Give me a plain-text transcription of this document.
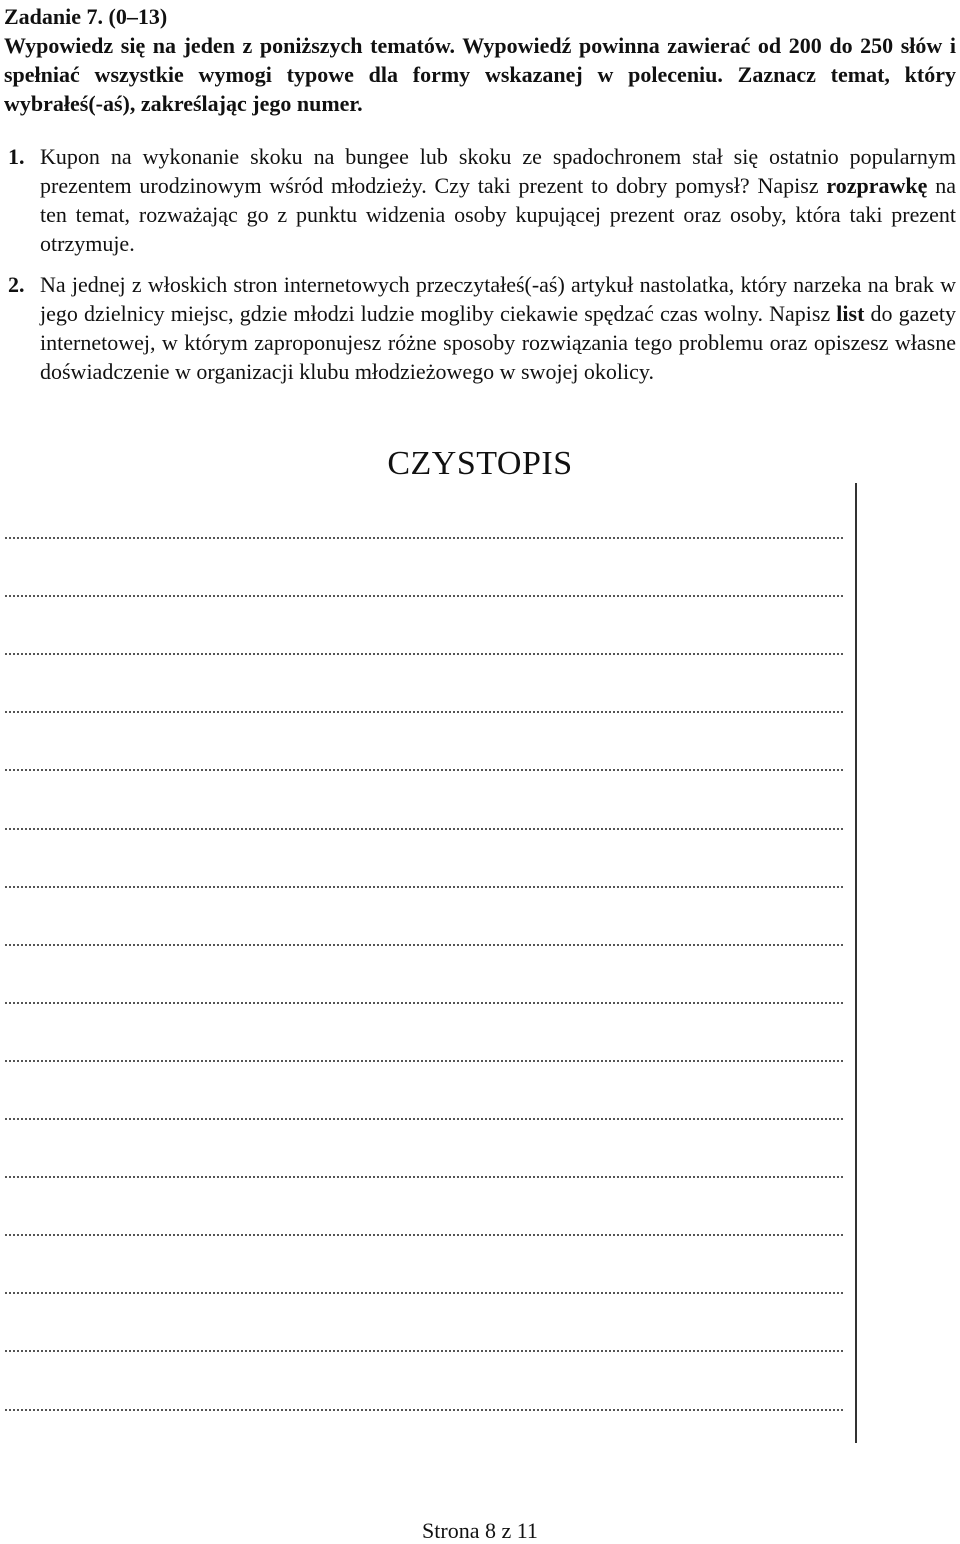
Zadanie 7. (0–13)
Wypowiedz się na jeden z poniższych tematów. Wypowiedź powinna zawierać od 200 do 250 słów i spełniać wszystkie wymogi typowe dla formy wskazanej w poleceniu. Zaznacz temat, który wybrałeś(-aś), zakreślając jego numer.
1. Kupon na wykonanie skoku na bungee lub skoku ze spadochronem stał się ostatnio popularnym prezentem urodzinowym wśród młodzieży. Czy taki prezent to dobry pomysł? Napisz rozprawkę na ten temat, rozważając go z punktu widzenia osoby kupującej prezent oraz osoby, która taki prezent otrzymuje.
2. Na jednej z włoskich stron internetowych przeczytałeś(-aś) artykuł nastolatka, który narzeka na brak w jego dzielnicy miejsc, gdzie młodzi ludzie mogliby ciekawie spędzać czas wolny. Napisz list do gazety internetowej, w którym zaproponujesz różne sposoby rozwiązania tego problemu oraz opiszesz własne doświadczenie w organizacji klubu młodzieżowego w swojej okolicy.
CZYSTOPIS
Strona 8 z 11
